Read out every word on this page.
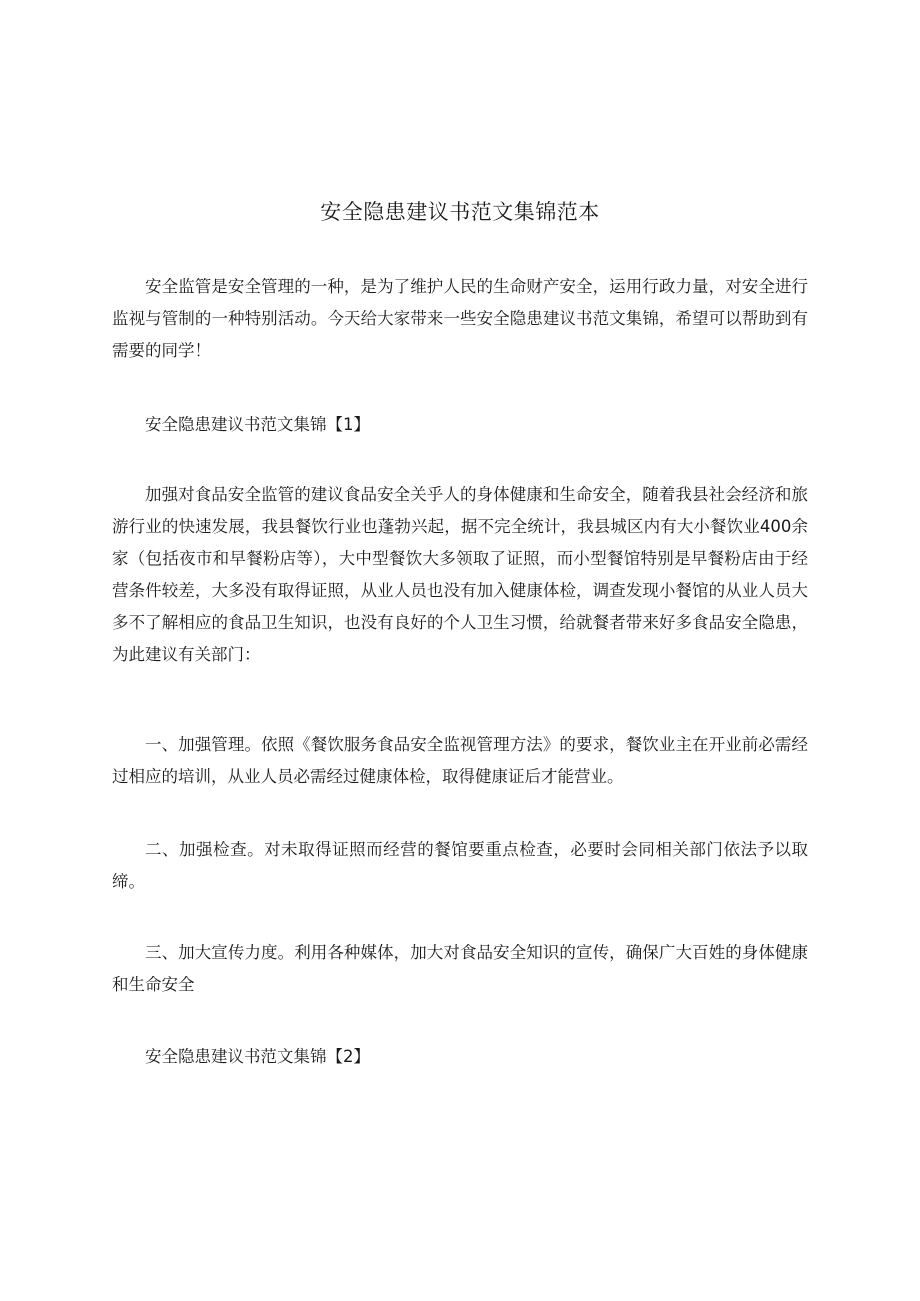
安全隐患建议书范文集锦范本

安全监管是安全管理的一种，是为了维护人民的生命财产安全，运用行政力量，对安全进行监视与管制的一种特别活动。今天给大家带来一些安全隐患建议书范文集锦，希望可以帮助到有需要的同学！

安全隐患建议书范文集锦【1】

加强对食品安全监管的建议食品安全关乎人的身体健康和生命安全，随着我县社会经济和旅游行业的快速发展，我县餐饮行业也蓬勃兴起，据不完全统计，我县城区内有大小餐饮业400余家（包括夜市和早餐粉店等），大中型餐饮大多领取了证照，而小型餐馆特别是早餐粉店由于经营条件较差，大多没有取得证照，从业人员也没有加入健康体检，调查发现小餐馆的从业人员大多不了解相应的食品卫生知识，也没有良好的个人卫生习惯，给就餐者带来好多食品安全隐患，为此建议有关部门：

一、加强管理。依照《餐饮服务食品安全监视管理方法》的要求，餐饮业主在开业前必需经过相应的培训，从业人员必需经过健康体检，取得健康证后才能营业。

二、加强检查。对未取得证照而经营的餐馆要重点检查，必要时会同相关部门依法予以取缔。

三、加大宣传力度。利用各种媒体，加大对食品安全知识的宣传，确保广大百姓的身体健康和生命安全

安全隐患建议书范文集锦【2】
